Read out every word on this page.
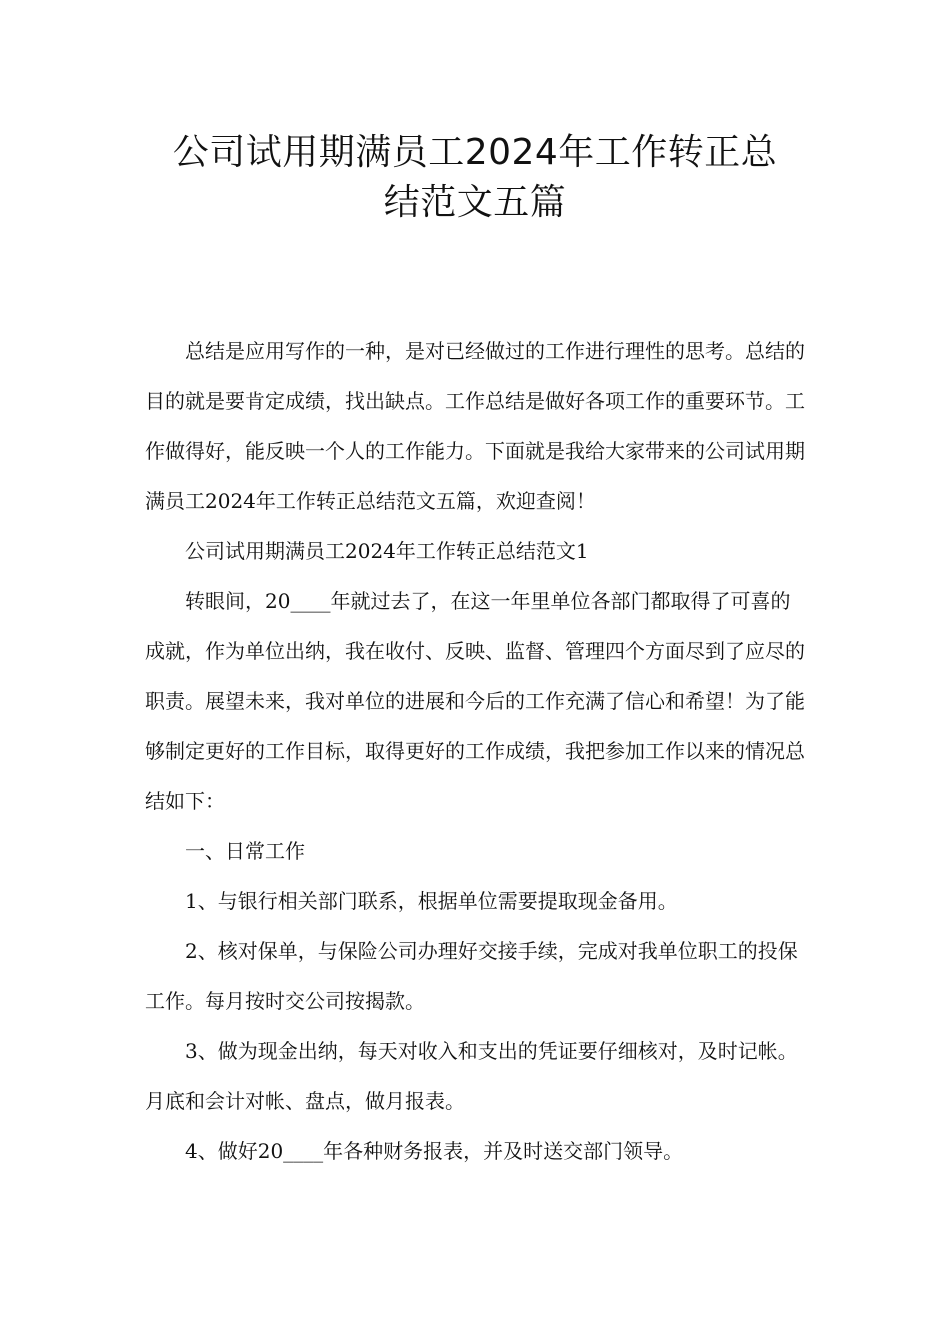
公司试用期满员工2024年工作转正总
结范文五篇

总结是应用写作的一种，是对已经做过的工作进行理性的思考。总结的目的就是要肯定成绩，找出缺点。工作总结是做好各项工作的重要环节。工作做得好，能反映一个人的工作能力。下面就是我给大家带来的公司试用期满员工2024年工作转正总结范文五篇，欢迎查阅！

公司试用期满员工2024年工作转正总结范文1

转眼间，20____年就过去了，在这一年里单位各部门都取得了可喜的成就，作为单位出纳，我在收付、反映、监督、管理四个方面尽到了应尽的职责。展望未来，我对单位的进展和今后的工作充满了信心和希望！为了能够制定更好的工作目标，取得更好的工作成绩，我把参加工作以来的情况总结如下：

一、日常工作

1、与银行相关部门联系，根据单位需要提取现金备用。

2、核对保单，与保险公司办理好交接手续，完成对我单位职工的投保工作。每月按时交公司按揭款。

3、做为现金出纳，每天对收入和支出的凭证要仔细核对，及时记帐。月底和会计对帐、盘点，做月报表。

4、做好20____年各种财务报表，并及时送交部门领导。
